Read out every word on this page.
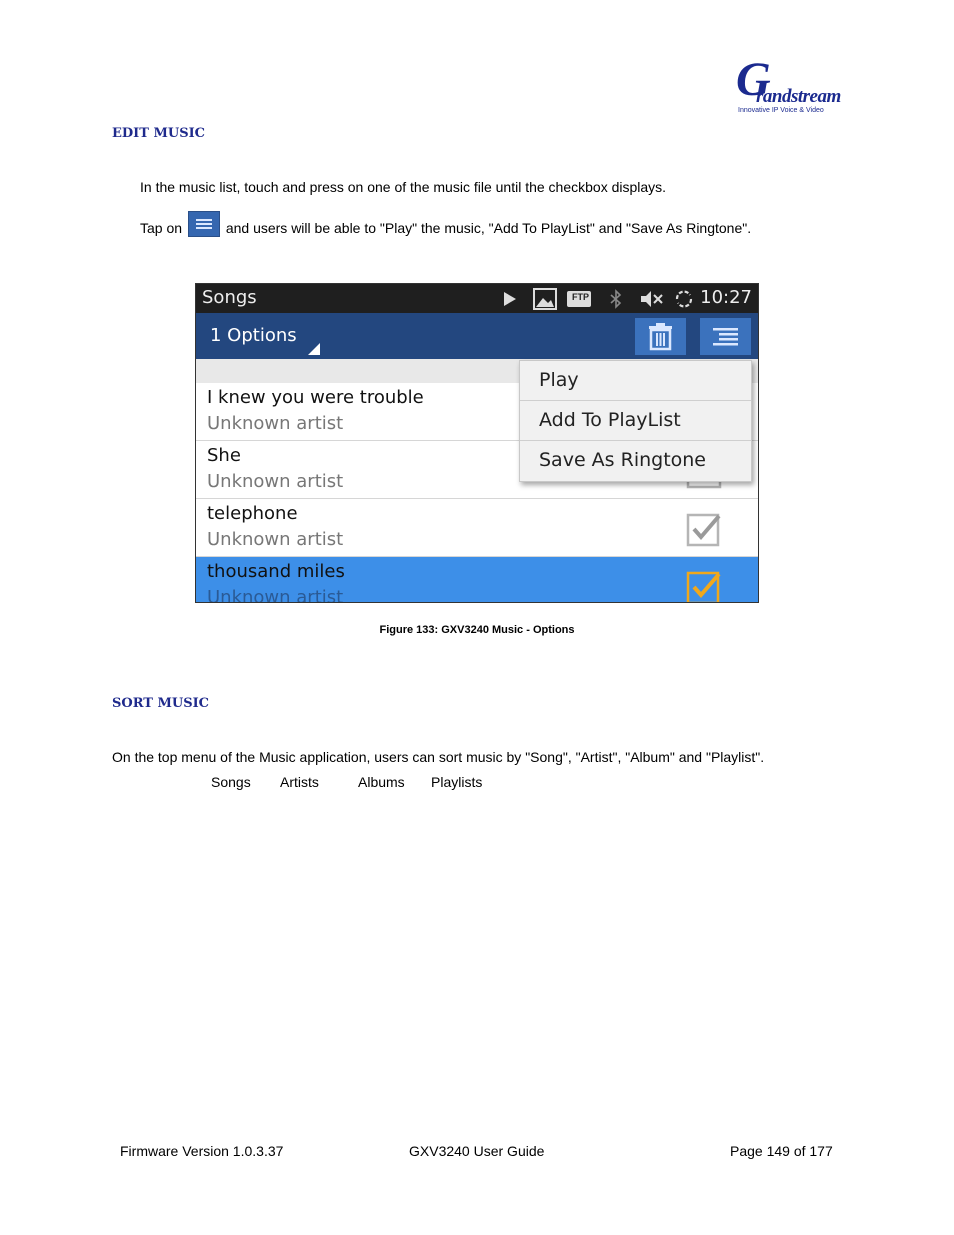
G
randstream
Innovative IP Voice & Video
EDIT MUSIC
In the music list, touch and press on one of the music file until the checkbox displays.
Tap on	and users will be able to "Play" the music, "Add To PlayList" and "Save As Ringtone".
Songs	FTP	10:27
1 Options
I knew you were trouble
Unknown artist
She
Unknown artist
telephone
Unknown artist
thousand miles
Unknown artist
Play
Add To PlayList
Save As Ringtone
Figure 133: GXV3240 Music - Options
SORT MUSIC
On the top menu of the Music application, users can sort music by "Song", "Artist", "Album" and "Playlist".
Songs Artists	Albums Playlists
Firmware Version 1.0.3.37	GXV3240 User Guide	Page 149 of 177
